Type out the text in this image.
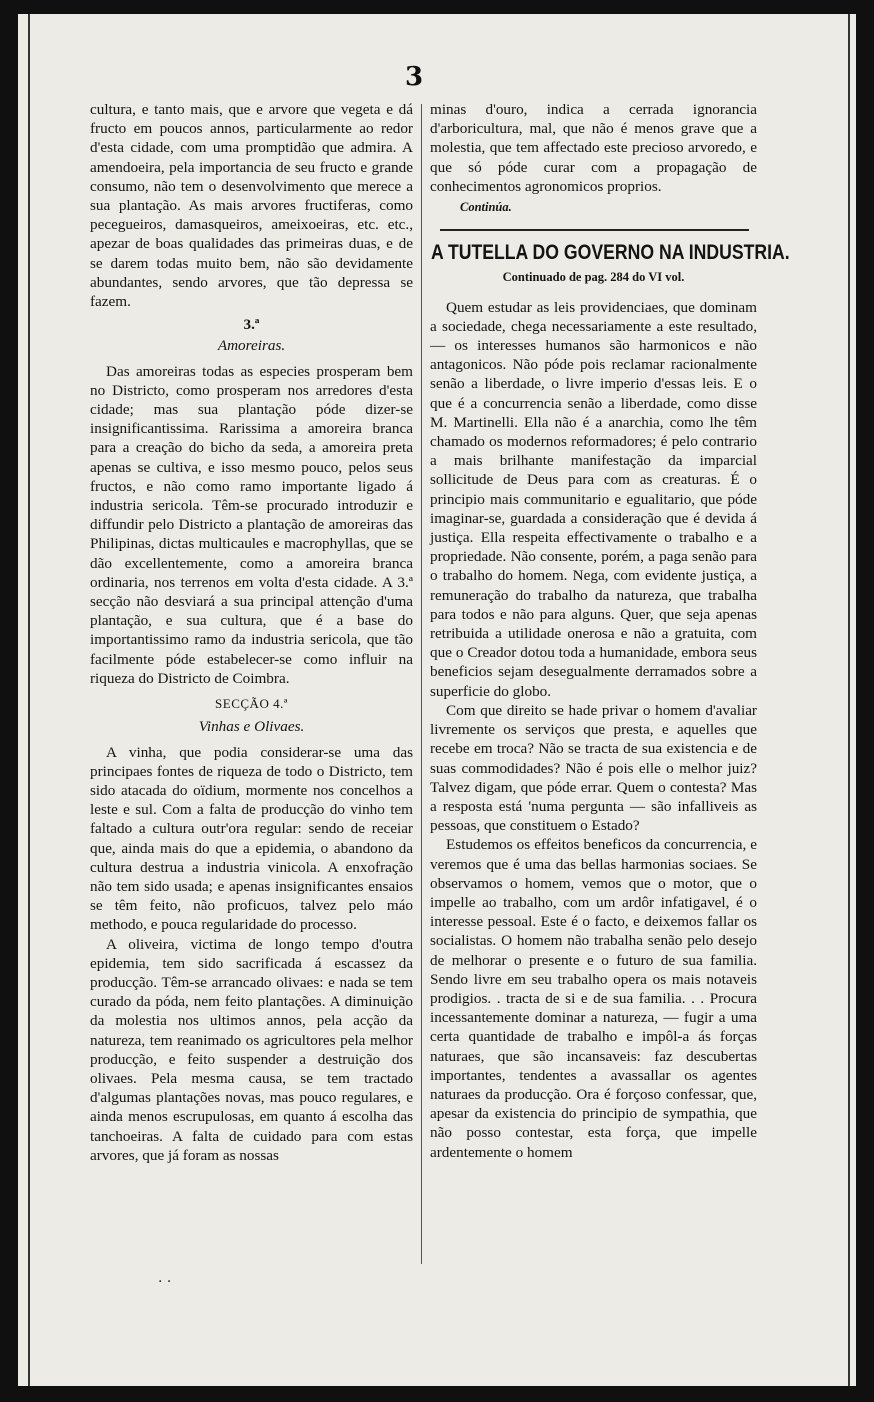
3

cultura, e tanto mais, que e arvore que vegeta e dá fructo em poucos annos, particularmente ao redor d'esta cidade, com uma promptidão que admira. A amendoeira, pela importancia de seu fructo e grande consumo, não tem o desenvolvimento que merece a sua plantação. As mais arvores fructiferas, como pecegueiros, damasqueiros, ameixoeiras, etc. etc., apezar de boas qualidades das primeiras duas, e de se darem todas muito bem, não são devidamente abundantes, sendo arvores, que tão depressa se fazem.

3.ª

Amoreiras.

Das amoreiras todas as especies prosperam bem no Districto, como prosperam nos arredores d'esta cidade; mas sua plantação póde dizer-se insignificantissima. Rarissima a amoreira branca para a creação do bicho da seda, a amoreira preta apenas se cultiva, e isso mesmo pouco, pelos seus fructos, e não como ramo importante ligado á industria sericola. Têm-se procurado introduzir e diffundir pelo Districto a plantação de amoreiras das Philipinas, dictas multicaules e macrophyllas, que se dão excellentemente, como a amoreira branca ordinaria, nos terrenos em volta d'esta cidade. A 3.ª secção não desviará a sua principal attenção d'uma plantação, e sua cultura, que é a base do importantissimo ramo da industria sericola, que tão facilmente póde estabelecer-se como influir na riqueza do Districto de Coimbra.

SECÇÃO 4.ª

Vinhas e Olivaes.

A vinha, que podia considerar-se uma das principaes fontes de riqueza de todo o Districto, tem sido atacada do oïdium, mormente nos concelhos a leste e sul. Com a falta de producção do vinho tem faltado a cultura outr'ora regular: sendo de receiar que, ainda mais do que a epidemia, o abandono da cultura destrua a industria vinicola. A enxofração não tem sido usada; e apenas insignificantes ensaios se têm feito, não proficuos, talvez pelo máo methodo, e pouca regularidade do processo.

A oliveira, victima de longo tempo d'outra epidemia, tem sido sacrificada á escassez da producção. Têm-se arrancado olivaes: e nada se tem curado da póda, nem feito plantações. A diminuição da molestia nos ultimos annos, pela acção da natureza, tem reanimado os agricultores pela melhor producção, e feito suspender a destruição dos olivaes. Pela mesma causa, se tem tractado d'algumas plantações novas, mas pouco regulares, e ainda menos escrupulosas, em quanto á escolha das tanchoeiras. A falta de cuidado para com estas arvores, que já foram as nossas

minas d'ouro, indica a cerrada ignorancia d'arboricultura, mal, que não é menos grave que a molestia, que tem affectado este precioso arvoredo, e que só póde curar com a propagação de conhecimentos agronomicos proprios.

Continúa.

A TUTELLA DO GOVERNO NA INDUSTRIA.
Continuado de pag. 284 do VI vol.

Quem estudar as leis providenciaes, que dominam a sociedade, chega necessariamente a este resultado, — os interesses humanos são harmonicos e não antagonicos. Não póde pois reclamar racionalmente senão a liberdade, o livre imperio d'essas leis. E o que é a concurrencia senão a liberdade, como disse M. Martinelli. Ella não é a anarchia, como lhe têm chamado os modernos reformadores; é pelo contrario a mais brilhante manifestação da imparcial sollicitude de Deus para com as creaturas. É o principio mais communitario e egualitario, que póde imaginar-se, guardada a consideração que é devida á justiça. Ella respeita effectivamente o trabalho e a propriedade. Não consente, porém, a paga senão para o trabalho do homem. Nega, com evidente justiça, a remuneração do trabalho da natureza, que trabalha para todos e não para alguns. Quer, que seja apenas retribuida a utilidade onerosa e não a gratuita, com que o Creador dotou toda a humanidade, embora seus beneficios sejam desegualmente derramados sobre a superficie do globo.

Com que direito se hade privar o homem d'avaliar livremente os serviços que presta, e aquelles que recebe em troca? Não se tracta de sua existencia e de suas commodidades? Não é pois elle o melhor juiz? Talvez digam, que póde errar. Quem o contesta? Mas a resposta está 'numa pergunta — são infalliveis as pessoas, que constituem o Estado?

Estudemos os effeitos beneficos da concurrencia, e veremos que é uma das bellas harmonias sociaes. Se observamos o homem, vemos que o motor, que o impelle ao trabalho, com um ardôr infatigavel, é o interesse pessoal. Este é o facto, e deixemos fallar os socialistas. O homem não trabalha senão pelo desejo de melhorar o presente e o futuro de sua familia. Sendo livre em seu trabalho opera os mais notaveis prodigios. . tracta de si e de sua familia. . . Procura incessantemente dominar a natureza, — fugir a uma certa quantidade de trabalho e impôl-a ás forças naturaes, que são incansaveis: faz descubertas importantes, tendentes a avassallar os agentes naturaes da producção. Ora é forçoso confessar, que, apesar da existencia do principio de sympathia, que não posso contestar, esta força, que impelle ardentemente o homem

. .
